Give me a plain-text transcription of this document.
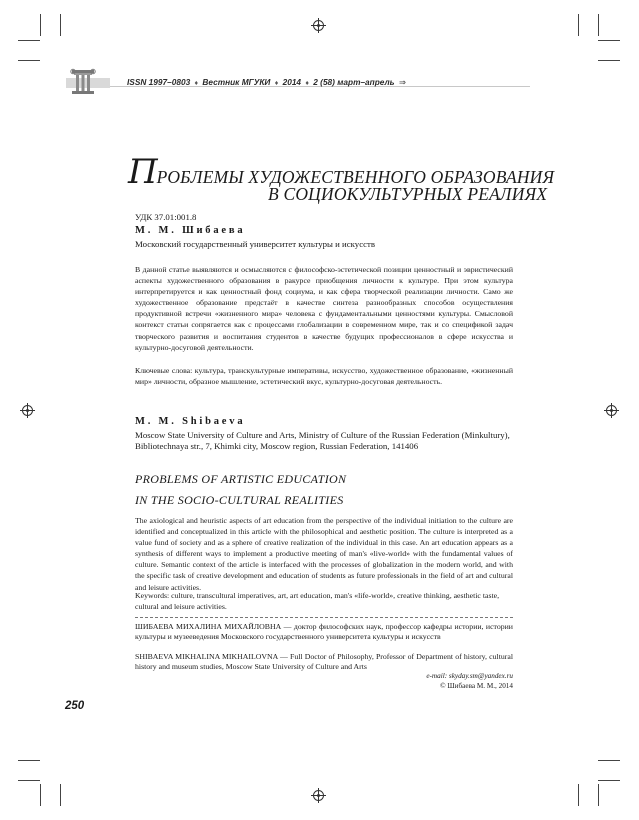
ISSN 1997–0803 ♦ Вестник МГУКИ ♦ 2014 ♦ 2 (58) март–апрель ⇒
ПРОБЛЕМЫ ХУДОЖЕСТВЕННОГО ОБРАЗОВАНИЯ
В СОЦИОКУЛЬТУРНЫХ РЕАЛИЯХ
УДК 37.01:001.8
М. М. Шибаева
Московский государственный университет культуры и искусств
В данной статье выявляются и осмысляются с философско-эстетической позиции ценностный и эвристический аспекты художественного образования в ракурсе приобщения личности к культуре. При этом культура интерпретируется и как ценностный фонд социума, и как сфера творческой реализации личности. Само же художественное образование предстаёт в качестве синтеза разнообразных способов осуществления продуктивной встречи «жизненного мира» человека с фундаментальными ценностями культуры. Смысловой контекст статьи сопрягается как с процессами глобализации в современном мире, так и со спецификой задач творческого развития и воспитания студентов в качестве будущих профессионалов в сфере искусства и культурно-досуговой деятельности.
Ключевые слова: культура, транскультурные императивы, искусство, художественное образование, «жизненный мир» личности, образное мышление, эстетический вкус, культурно-досуговая деятельность.
M. M. Shibaeva
Moscow State University of Culture and Arts, Ministry of Culture of the Russian Federation (Minkultury), Bibliotechnaya str., 7, Khimki city, Moscow region, Russian Federation, 141406
PROBLEMS OF ARTISTIC EDUCATION
IN THE SOCIO-CULTURAL REALITIES
The axiological and heuristic aspects of art education from the perspective of the individual initiation to the culture are identified and conceptualized in this article with the philosophical and aesthetic position. The culture is interpreted as a value fund of society and as a sphere of creative realization of the individual in this case. An art education appears as a synthesis of different ways to implement a productive meeting of man's «live-world» with the fundamental values of culture. Semantic context of the article is interfaced with the processes of globalization in the modern world, and with the specific task of creative development and education of students as future professionals in the field of art and cultural and leisure activities.
Keywords: culture, transcultural imperatives, art, art education, man's «life-world», creative thinking, aesthetic taste, cultural and leisure activities.
ШИБАЕВА МИХАЛИНА МИХАЙЛОВНА — доктор философских наук, профессор кафедры истории, истории культуры и музееведения Московского государственного университета культуры и искусств
SHIBAEVA MIKHALINA MIKHAILOVNA — Full Doctor of Philosophy, Professor of Department of history, cultural history and museum studies, Moscow State University of Culture and Arts
e-mail: skyday.sm@yandex.ru
© Шибаева М. М., 2014
250
